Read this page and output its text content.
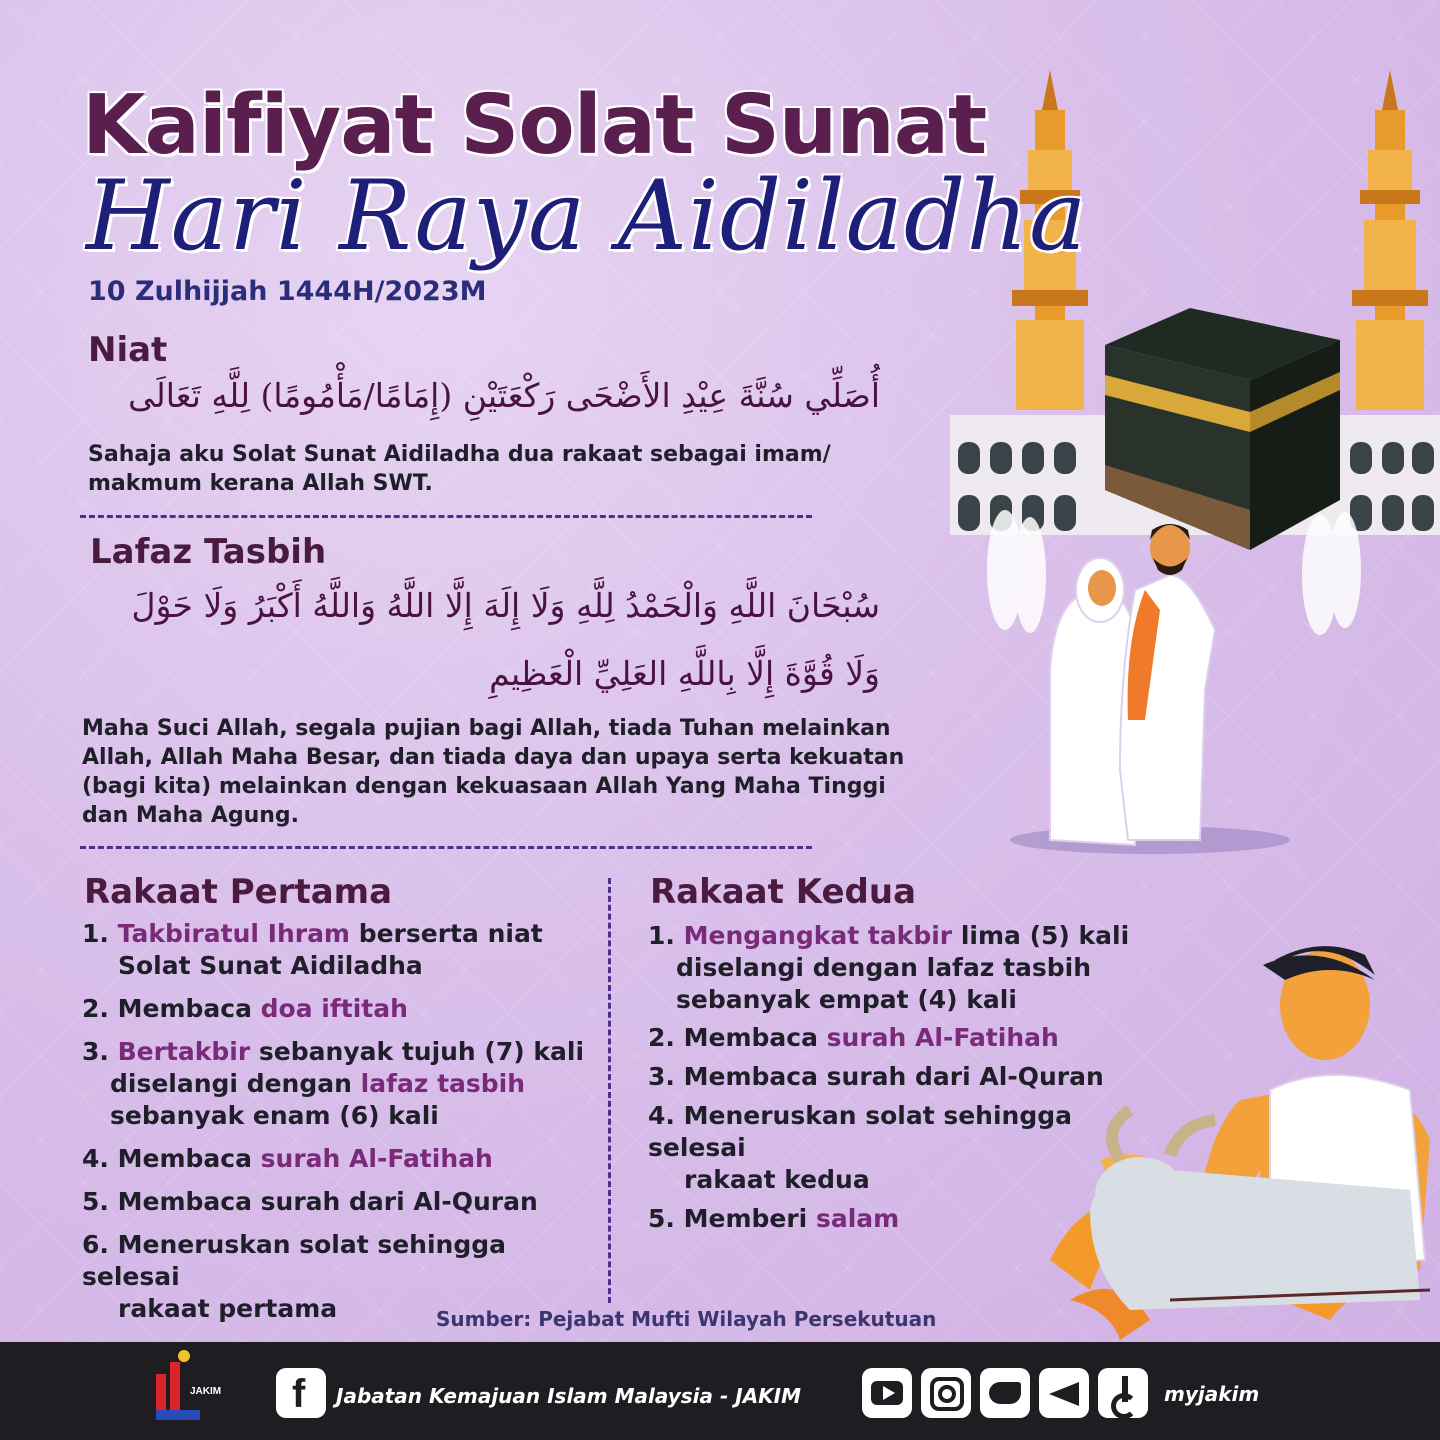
Kaifiyat Solat Sunat
Hari Raya Aidiladha
10 Zulhijjah 1444H/2023M
Niat
أُصَلِّي سُنَّةَ عِيْدِ الأَضْحَى رَكْعَتَيْنِ (إِمَامًا/مَأْمُومًا) لِلَّهِ تَعَالَى
Sahaja aku Solat Sunat Aidiladha dua rakaat sebagai imam/
makmum kerana Allah SWT.
Lafaz Tasbih
سُبْحَانَ اللَّهِ وَالْحَمْدُ لِلَّهِ وَلَا إِلَهَ إِلَّا اللَّهُ وَاللَّهُ أَكْبَرُ وَلَا حَوْلَ
وَلَا قُوَّةَ إِلَّا بِاللَّهِ العَلِيِّ الْعَظِيمِ
Maha Suci Allah, segala pujian bagi Allah, tiada Tuhan melainkan
Allah, Allah Maha Besar, dan tiada daya dan upaya serta kekuatan
(bagi kita) melainkan dengan kekuasaan Allah Yang Maha Tinggi
dan Maha Agung.
Rakaat Pertama
1. Takbiratul Ihram berserta niat
Solat Sunat Aidiladha
2. Membaca doa iftitah
3. Bertakbir sebanyak tujuh (7) kali
diselangi dengan lafaz tasbih
sebanyak enam (6) kali
4. Membaca surah Al-Fatihah
5. Membaca surah dari Al-Quran
6. Meneruskan solat sehingga selesai
rakaat pertama
Rakaat Kedua
1. Mengangkat takbir lima (5) kali
diselangi dengan lafaz tasbih
sebanyak empat (4) kali
2. Membaca surah Al-Fatihah
3. Membaca surah dari Al-Quran
4. Meneruskan solat sehingga selesai
rakaat kedua
5. Memberi salam
Sumber: Pejabat Mufti Wilayah Persekutuan
JAKIM f Jabatan Kemajuan Islam Malaysia - JAKIM	myjakim
